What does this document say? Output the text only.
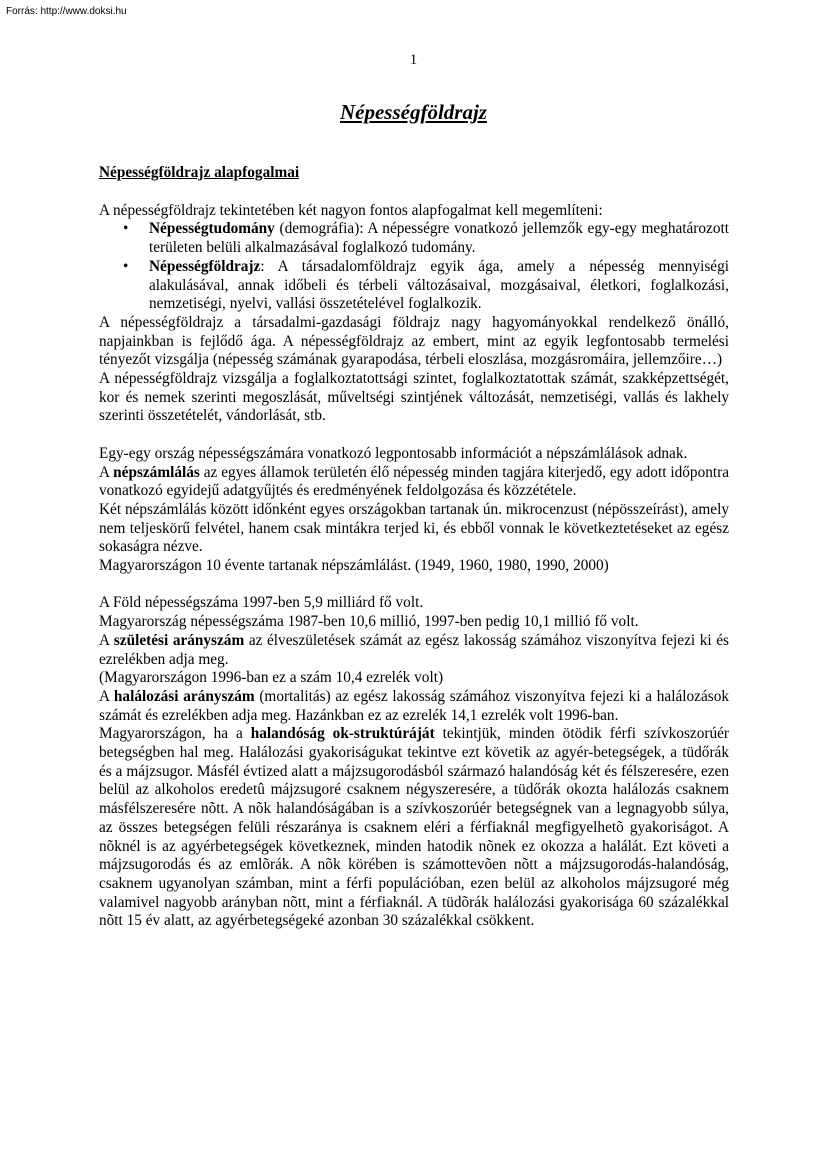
Forrás: http://www.doksi.hu
1
Népességföldrajz

Népességföldrajz alapfogalmai

A népességföldrajz tekintetében két nagyon fontos alapfogalmat kell megemlíteni:

• Népességtudomány (demográfia): A népességre vonatkozó jellemzők egy-egy meghatározott területen belüli alkalmazásával foglalkozó tudomány.
• Népességföldrajz: A társadalomföldrajz egyik ága, amely a népesség mennyiségi alakulásával, annak időbeli és térbeli változásaival, mozgásaival, életkori, foglalkozási, nemzetiségi, nyelvi, vallási összetételével foglalkozik.

A népességföldrajz a társadalmi-gazdasági földrajz nagy hagyományokkal rendelkező önálló, napjainkban is fejlődő ága. A népességföldrajz az embert, mint az egyik legfontosabb termelési tényezőt vizsgálja (népesség számának gyarapodása, térbeli eloszlása, mozgásromáira, jellemzőire…)

A népességföldrajz vizsgálja a foglalkoztatottsági szintet, foglalkoztatottak számát, szakképzettségét, kor és nemek szerinti megoszlását, műveltségi szintjének változását, nemzetiségi, vallás és lakhely szerinti összetételét, vándorlását, stb.

Egy-egy ország népességszámára vonatkozó legpontosabb információt a népszámlálások adnak.

A népszámlálás az egyes államok területén élő népesség minden tagjára kiterjedő, egy adott időpontra vonatkozó egyidejű adatgyűjtés és eredményének feldolgozása és közzététele.

Két népszámlálás között időnként egyes országokban tartanak ún. mikrocenzust (népösszeírást), amely nem teljeskörű felvétel, hanem csak mintákra terjed ki, és ebből vonnak le következtetéseket az egész sokaságra nézve.

Magyarországon 10 évente tartanak népszámlálást. (1949, 1960, 1980, 1990, 2000)

A Föld népességszáma 1997-ben 5,9 milliárd fő volt.

Magyarország népességszáma 1987-ben 10,6 millió, 1997-ben pedig 10,1 millió fő volt.

A születési arányszám az élveszületések számát az egész lakosság számához viszonyítva fejezi ki és ezrelékben adja meg.

(Magyarországon 1996-ban ez a szám 10,4 ezrelék volt)

A halálozási arányszám (mortalitás) az egész lakosság számához viszonyítva fejezi ki a halálozások számát és ezrelékben adja meg. Hazánkban ez az ezrelék 14,1 ezrelék volt 1996-ban.

Magyarországon, ha a halandóság ok-struktúráját tekintjük, minden ötödik férfi szívkoszorúér betegségben hal meg. Halálozási gyakoriságukat tekintve ezt követik az agyér-betegségek, a tüdőrák és a májzsugor. Másfél évtized alatt a májzsugorodásból származó halandóság két és félszeresére, ezen belül az alkoholos eredetû májzsugoré csaknem négyszeresére, a tüdőrák okozta halálozás csaknem másfélszeresére nõtt. A nõk halandóságában is a szívkoszorúér betegségnek van a legnagyobb súlya, az összes betegségen felüli részaránya is csaknem eléri a férfiaknál megfigyelhetõ gyakoriságot. A nõknél is az agyérbetegségek következnek, minden hatodik nõnek ez okozza a halálát. Ezt követi a májzsugorodás és az emlõrák. A nõk körében is számottevõen nõtt a májzsugorodás-halandóság, csaknem ugyanolyan számban, mint a férfi populációban, ezen belül az alkoholos májzsugoré még valamivel nagyobb arányban nõtt, mint a férfiaknál. A tüdõrák halálozási gyakorisága 60 százalékkal nõtt 15 év alatt, az agyérbetegségeké azonban 30 százalékkal csökkent.
